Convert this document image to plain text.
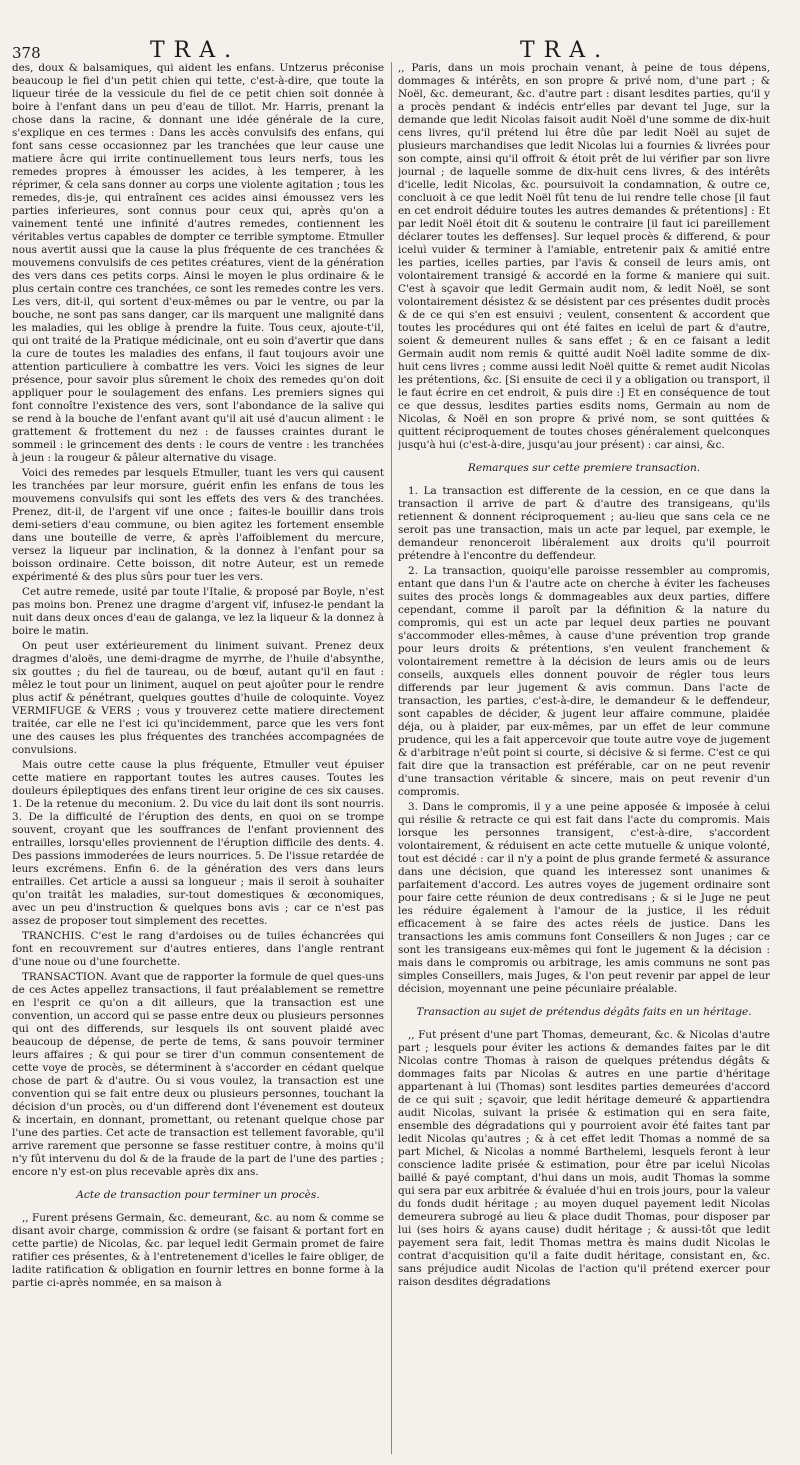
378	TRA.	TRA.

des, doux & balsamiques, qui aident les enfans. Untzerus préconise beaucoup le fiel d'un petit chien qui tette, c'est-à-dire, que toute la liqueur tirée de la vessicule du fiel de ce petit chien soit donnée à boire à l'enfant dans un peu d'eau de tillot. Mr. Harris, prenant la chose dans la racine, & donnant une idée générale de la cure, s'explique en ces termes : Dans les accès convulsifs des enfans, qui font sans cesse occasionnez par les tranchées que leur cause une matiere âcre qui irrite continuellement tous leurs nerfs, tous les remedes propres à émousser les acides, à les temperer, à les réprimer, & cela sans donner au corps une violente agitation ; tous les remedes, dis-je, qui entraînent ces acides ainsi émoussez vers les parties inferieures, sont connus pour ceux qui, après qu'on a vainement tenté une infinité d'autres remedes, contiennent les véritables vertus capables de dompter ce terrible symptome. Etmuller nous avertit aussi que la cause la plus fréquente de ces tranchées & mouvemens convulsifs de ces petites créatures, vient de la génération des vers dans ces petits corps. Ainsi le moyen le plus ordinaire & le plus certain contre ces tranchées, ce sont les remedes contre les vers. Les vers, dit-il, qui sortent d'eux-mêmes ou par le ventre, ou par la bouche, ne sont pas sans danger, car ils marquent une malignité dans les maladies, qui les oblige à prendre la fuite. Tous ceux, ajoute-t'il, qui ont traité de la Pratique médicinale, ont eu soin d'avertir que dans la cure de toutes les maladies des enfans, il faut toujours avoir une attention particuliere à combattre les vers. Voici les signes de leur présence, pour savoir plus sûrement le choix des remedes qu'on doit appliquer pour le soulagement des enfans. Les premiers signes qui font connoître l'existence des vers, sont l'abondance de la salive qui se rend à la bouche de l'enfant avant qu'il ait usé d'aucun aliment : le grattement & frottement du nez : de fausses craintes durant le sommeil : le grincement des dents : le cours de ventre : les tranchées à jeun : la rougeur & pâleur alternative du visage.

Voici des remedes par lesquels Etmuller, tuant les vers qui causent les tranchées par leur morsure, guérit enfin les enfans de tous les mouvemens convulsifs qui sont les effets des vers & des tranchées. Prenez, dit-il, de l'argent vif une once ; faites-le bouillir dans trois demi-setiers d'eau commune, ou bien agitez les fortement ensemble dans une bouteille de verre, & après l'affoiblement du mercure, versez la liqueur par inclination, & la donnez à l'enfant pour sa boisson ordinaire. Cette boisson, dit notre Auteur, est un remede expérimenté & des plus sûrs pour tuer les vers.

Cet autre remede, usité par toute l'Italie, & proposé par Boyle, n'est pas moins bon. Prenez une dragme d'argent vif, infusez-le pendant la nuit dans deux onces d'eau de galanga, ve lez la liqueur & la donnez à boire le matin.

On peut user extérieurement du liniment suivant. Prenez deux dragmes d'aloës, une demi-dragme de myrrhe, de l'huile d'absynthe, six gouttes ; du fiel de taureau, ou de bœuf, autant qu'il en faut : mêlez le tout pour un liniment, auquel on peut ajoûter pour le rendre plus actif & pénétrant, quelques gouttes d'huile de coloquinte. Voyez VERMIFUGE & VERS ; vous y trouverez cette matiere directement traitée, car elle ne l'est ici qu'incidemment, parce que les vers font une des causes les plus fréquentes des tranchées accompagnées de convulsions.

Mais outre cette cause la plus fréquente, Etmuller veut épuiser cette matiere en rapportant toutes les autres causes. Toutes les douleurs épileptiques des enfans tirent leur origine de ces six causes. 1. De la retenue du meconium. 2. Du vice du lait dont ils sont nourris. 3. De la difficulté de l'éruption des dents, en quoi on se trompe souvent, croyant que les souffrances de l'enfant proviennent des entrailles, lorsqu'elles proviennent de l'éruption difficile des dents. 4. Des passions immoderées de leurs nourrices. 5. De l'issue retardée de leurs excrémens. Enfin 6. de la génération des vers dans leurs entrailles. Cet article a aussi sa longueur ; mais il seroit à souhaiter qu'on traitât les maladies, sur-tout domestiques & œconomiques, avec un peu d'instruction & quelques bons avis ; car ce n'est pas assez de proposer tout simplement des recettes.

TRANCHIS. C'est le rang d'ardoises ou de tuiles échancrées qui font en recouvrement sur d'autres entieres, dans l'angle rentrant d'une noue ou d'une fourchette.

TRANSACTION. Avant que de rapporter la formule de quel ques-uns de ces Actes appellez transactions, il faut préalablement se remettre en l'esprit ce qu'on a dit ailleurs, que la transaction est une convention, un accord qui se passe entre deux ou plusieurs personnes qui ont des differends, sur lesquels ils ont souvent plaidé avec beaucoup de dépense, de perte de tems, & sans pouvoir terminer leurs affaires ; & qui pour se tirer d'un commun consentement de cette voye de procès, se déterminent à s'accorder en cédant quelque chose de part & d'autre. Ou si vous voulez, la transaction est une convention qui se fait entre deux ou plusieurs personnes, touchant la décision d'un procès, ou d'un differend dont l'évenement est douteux & incertain, en donnant, promettant, ou retenant quelque chose par l'une des parties. Cet acte de transaction est tellement favorable, qu'il arrive rarement que personne se fasse restituer contre, à moins qu'il n'y fût intervenu du dol & de la fraude de la part de l'une des parties ; encore n'y est-on plus recevable après dix ans.

Acte de transaction pour terminer un procès.

,, Furent présens Germain, &c. demeurant, &c. au nom & comme se disant avoir charge, commission & ordre (se faisant & portant fort en cette partie) de Nicolas, &c. par lequel ledit Germain promet de faire ratifier ces présentes, & à l'entretenement d'icelles le faire obliger, de ladite ratification & obligation en fournir lettres en bonne forme à la partie ci-après nommée, en sa maison à

,, Paris, dans un mois prochain venant, à peine de tous dépens, dommages & intérêts, en son propre & privé nom, d'une part ; & Noël, &c. demeurant, &c. d'autre part : disant lesdites parties, qu'il y a procès pendant & indécis entr'elles par devant tel Juge, sur la demande que ledit Nicolas faisoit audit Noël d'une somme de dix-huit cens livres, qu'il prétend lui être dûe par ledit Noël au sujet de plusieurs marchandises que ledit Nicolas lui a fournies & livrées pour son compte, ainsi qu'il offroit & étoit prêt de lui vérifier par son livre journal ; de laquelle somme de dix-huit cens livres, & des intérêts d'icelle, ledit Nicolas, &c. poursuivoit la condamnation, & outre ce, concluoit à ce que ledit Noël fût tenu de lui rendre telle chose [il faut en cet endroit déduire toutes les autres demandes & prétentions] : Et par ledit Noël étoit dit & soutenu le contraire [il faut ici pareillement déclarer toutes les deffenses]. Sur lequel procès & differend, & pour iceluì vuider & terminer à l'amiable, entretenir paix & amitié entre les parties, icelles parties, par l'avis & conseil de leurs amis, ont volontairement transigé & accordé en la forme & maniere qui suit. C'est à sçavoir que ledit Germain audit nom, & ledit Noël, se sont volontairement désistez & se désistent par ces présentes dudit procès & de ce qui s'en est ensuivi ; veulent, consentent & accordent que toutes les procédures qui ont été faites en iceluì de part & d'autre, soient & demeurent nulles & sans effet ; & en ce faisant a ledit Germain audit nom remis & quitté audit Noël ladite somme de dix-huit cens livres ; comme aussi ledit Noël quitte & remet audit Nicolas les prétentions, &c. [Si ensuite de ceci il y a obligation ou transport, il le faut écrire en cet endroit, & puis dire :] Et en conséquence de tout ce que dessus, lesdites parties esdits noms, Germain au nom de Nicolas, & Noël en son propre & privé nom, se sont quittées & quittent réciproquement de toutes choses généralement quelconques jusqu'à hui (c'est-à-dire, jusqu'au jour présent) : car ainsi, &c.

Remarques sur cette premiere transaction.

1. La transaction est differente de la cession, en ce que dans la transaction il arrive de part & d'autre des transigeans, qu'ils retiennent & donnent réciproquement ; au-lieu que sans cela ce ne seroit pas une transaction, mais un acte par lequel, par exemple, le demandeur renonceroit libéralement aux droits qu'il pourroit prétendre à l'encontre du deffendeur.

2. La transaction, quoiqu'elle paroisse ressembler au compromis, entant que dans l'un & l'autre acte on cherche à éviter les facheuses suites des procès longs & dommageables aux deux parties, differe cependant, comme il paroît par la définition & la nature du compromis, qui est un acte par lequel deux parties ne pouvant s'accommoder elles-mêmes, à cause d'une prévention trop grande pour leurs droits & prétentions, s'en veulent franchement & volontairement remettre à la décision de leurs amis ou de leurs conseils, auxquels elles donnent pouvoir de régler tous leurs differends par leur jugement & avis commun. Dans l'acte de transaction, les parties, c'est-à-dire, le demandeur & le deffendeur, sont capables de décider, & jugent leur affaire commune, plaidée déja, ou à plaider, par eux-mêmes, par un effet de leur commune prudence, qui les a fait appercevoir que toute autre voye de jugement & d'arbitrage n'eût point si courte, si décisive & si ferme. C'est ce qui fait dire que la transaction est préférable, car on ne peut revenir d'une transaction véritable & sincere, mais on peut revenir d'un compromis.

3. Dans le compromis, il y a une peine apposée & imposée à celui qui résilie & retracte ce qui est fait dans l'acte du compromis. Mais lorsque les personnes transigent, c'est-à-dire, s'accordent volontairement, & réduisent en acte cette mutuelle & unique volonté, tout est décidé : car il n'y a point de plus grande fermeté & assurance dans une décision, que quand les interessez sont unanimes & parfaitement d'accord. Les autres voyes de jugement ordinaire sont pour faire cette réunion de deux contredisans ; & si le Juge ne peut les réduire également à l'amour de la justice, il les réduit efficacement à se faire des actes réels de justice. Dans les transactions les amis communs font Conseillers & non Juges ; car ce sont les transigeans eux-mêmes qui font le jugement & la décision : mais dans le compromis ou arbitrage, les amis communs ne sont pas simples Conseillers, mais Juges, & l'on peut revenir par appel de leur décision, moyennant une peine pécuniaire préalable.

Transaction au sujet de prétendus dégâts faits en un héritage.

,, Fut présent d'une part Thomas, demeurant, &c. & Nicolas d'autre part ; lesquels pour éviter les actions & demandes faites par le dit Nicolas contre Thomas à raison de quelques prétendus dégâts & dommages faits par Nicolas & autres en une partie d'héritage appartenant à lui (Thomas) sont lesdites parties demeurées d'accord de ce qui suit ; sçavoir, que ledit héritage demeuré & appartiendra audit Nicolas, suivant la prisée & estimation qui en sera faite, ensemble des dégradations qui y pourroient avoir été faites tant par ledit Nicolas qu'autres ; & à cet effet ledit Thomas a nommé de sa part Michel, & Nicolas a nommé Barthelemi, lesquels feront à leur conscience ladite prisée & estimation, pour être par iceluì Nicolas baillé & payé comptant, d'hui dans un mois, audit Thomas la somme qui sera par eux arbitrée & évaluée d'hui en trois jours, pour la valeur du fonds dudit héritage ; au moyen duquel payement ledit Nicolas demeurera subrogé au lieu & place dudit Thomas, pour disposer par lui (ses hoirs & ayans cause) dudit héritage ; & aussi-tôt que ledit payement sera fait, ledit Thomas mettra ès mains dudit Nicolas le contrat d'acquisition qu'il a faite dudit héritage, consistant en, &c. sans préjudice audit Nicolas de l'action qu'il prétend exercer pour raison desdites dégradations
